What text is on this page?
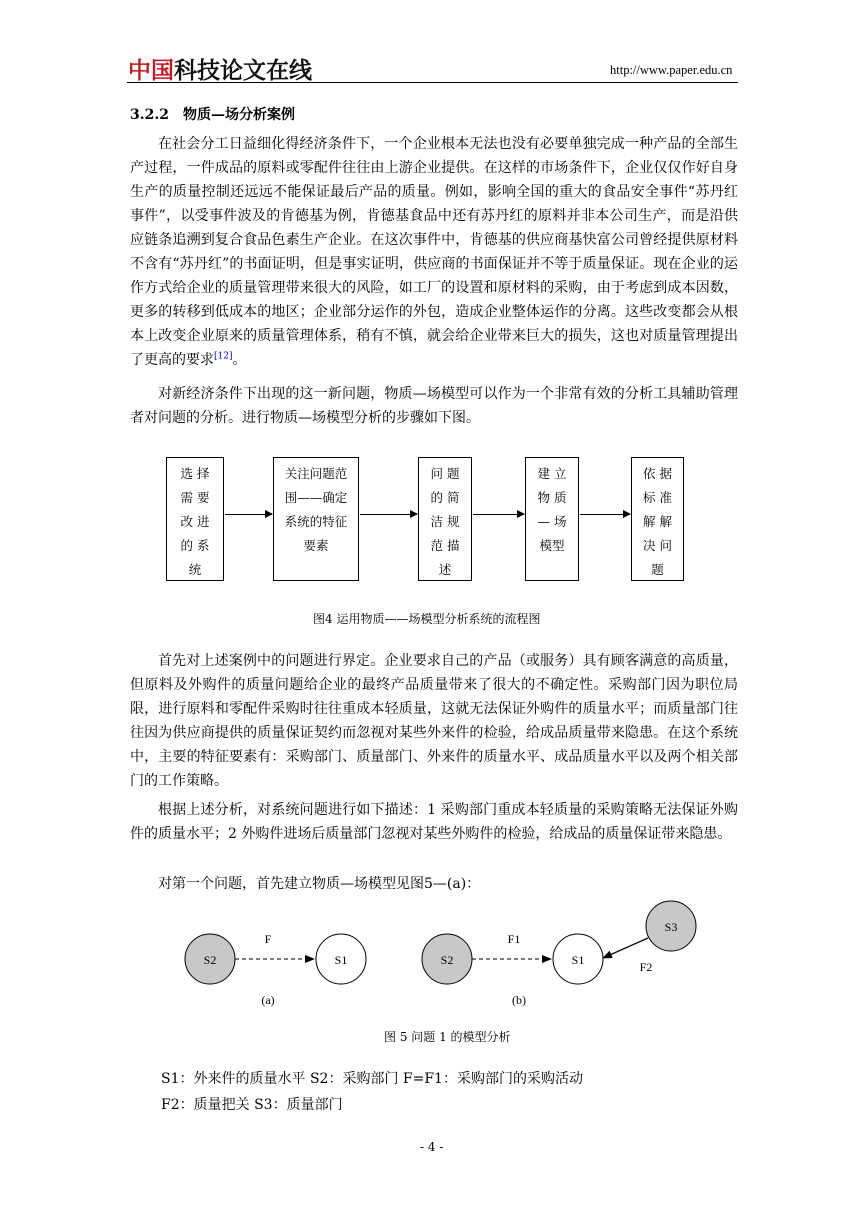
中国科技论文在线	http://www.paper.edu.cn
3.2.2 物质—场分析案例

在社会分工日益细化得经济条件下，一个企业根本无法也没有必要单独完成一种产品的全部生产过程，一件成品的原料或零配件往往由上游企业提供。在这样的市场条件下，企业仅仅作好自身生产的质量控制还远远不能保证最后产品的质量。例如，影响全国的重大的食品安全事件“苏丹红事件”，以受事件波及的肯德基为例，肯德基食品中还有苏丹红的原料并非本公司生产，而是沿供应链条追溯到复合食品色素生产企业。在这次事件中，肯德基的供应商基快富公司曾经提供原材料不含有“苏丹红”的书面证明，但是事实证明，供应商的书面保证并不等于质量保证。现在企业的运作方式给企业的质量管理带来很大的风险，如工厂的设置和原材料的采购，由于考虑到成本因数，更多的转移到低成本的地区；企业部分运作的外包，造成企业整体运作的分离。这些改变都会从根本上改变企业原来的质量管理体系，稍有不慎，就会给企业带来巨大的损失，这也对质量管理提出了更高的要求[12]。

对新经济条件下出现的这一新问题，物质—场模型可以作为一个非常有效的分析工具辅助管理者对问题的分析。进行物质—场模型分析的步骤如下图。

选 择
需 要
改 进
的 系
统
关注问题范
围——确定
系统的特征
要素
问 题
的 简
洁 规
范 描
述
建 立
物 质
— 场
模型
依 据
标 准
解 解
决 问
题
图4 运用物质——场模型分析系统的流程图

首先对上述案例中的问题进行界定。企业要求自己的产品（或服务）具有顾客满意的高质量，但原料及外购件的质量问题给企业的最终产品质量带来了很大的不确定性。采购部门因为职位局限，进行原料和零配件采购时往往重成本轻质量，这就无法保证外购件的质量水平；而质量部门往往因为供应商提供的质量保证契约而忽视对某些外来件的检验，给成品质量带来隐患。在这个系统中，主要的特征要素有：采购部门、质量部门、外来件的质量水平、成品质量水平以及两个相关部门的工作策略。

根据上述分析，对系统问题进行如下描述：1 采购部门重成本轻质量的采购策略无法保证外购件的质量水平；2 外购件进场后质量部门忽视对某些外购件的检验，给成品的质量保证带来隐患。

对第一个问题，首先建立物质—场模型见图5—(a)：

S2	S1
F
(a)
S2	S1
F1
S3
F2
(b)
图 5 问题 1 的模型分析
S1：外来件的质量水平 S2：采购部门 F=F1：采购部门的采购活动
F2：质量把关 S3：质量部门
- 4 -
